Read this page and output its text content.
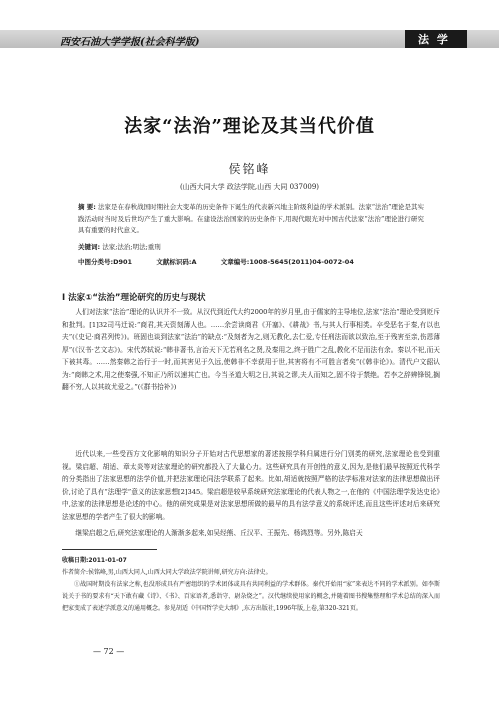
西安石油大学学报(社会科学版)	法 学
法家“法治”理论及其当代价值
侯铭峰
(山西大同大学 政法学院,山西 大同 037009)
摘 要: 法家是在春秋战国时期社会大变革的历史条件下诞生的代表新兴地主阶级利益的学术派别。法家“法治”理论是其实践活动时当时及后世均产生了重大影响。在建设法治国家的历史条件下,用现代眼光对中国古代法家“法治”理论进行研究具有重要的时代意义。
关键词: 法家;法治;明法;重刑
中图分类号:D901	文献标识码:A	文章编号:1008-5645(2011)04-0072-04
I 法家①“法治”理论研究的历史与现状
人们对法家“法治”理论的认识并不一致。从汉代到近代大约2000年的岁月里,由于儒家的主导地位,法家“法治”理论受到贬斥和批判。[1]32司马迁说:“商君,其天资刻薄人也。……余尝读商君《开塞》、《耕战》书,与其人行事相类。卒受恶名于秦,有以也夫”(《史记·商君列传》)。班固也谈到法家“法治”的缺点:“及刻者为之,则无教化,去仁爱,专任刑法而欲以致治,至于残害至亲,伤恩薄厚”(《汉书·艺文志》)。宋代苏轼说:“韩非著书,言治天下无若刑名之贤,及秦用之,终于胜广之乱,教化不足而法有余。秦以不祀,而天下被其毒。……然秦韩之治行于一时,而其害见于久远,使韩非不幸获用于世,其害将有不可胜言者矣”(《韩非论》)。清代户文韶认为:“商韩之术,用之使秦强,不知正乃所以速其亡也。今当圣道大明之日,其说之谬,夫人而知之,固不待于禁绝。若李之辞辨锋锐,搁翻不穷,人以其故尤爱之。”(《群书拾补》)
近代以来,一些受西方文化影响的知识分子开始对古代思想家的著述按照学科归属进行分门别类的研究,法家理论也受到重视。梁启超、胡适、章太炎等对法家理论的研究都投入了大量心力。这些研究具有开创性的意义,因为,是他们最早按照近代科学的分类指出了法家思想的法学价值,并把法家理论同法学联系了起来。比如,胡适就按照严格的法学标准对法家的法律思想做出评价,讨论了具有“法理学”意义的法家思想[2]345。梁启超是较早系统研究法家理论的代表人物之一,在他的《中国法理学发达史论》中,法家的法律思想是论述的中心。他的研究成果是对法家思想所做的最早的具有法学意义的系统评述,而且这些评述对后来研究法家思想的学者产生了很大的影响。
继梁启超之后,研究法家理论的人渐渐多起来,如吴经熊、丘汉平、王振先、杨鸿烈等。另外,陈启天
收稿日期:2011-01-07
作者简介:侯铭峰,男,山西大同人,山西大同大学政法学院讲师,研究方向:法律史。
①战国时期没有法家之称,也没形成具有严密组织的学术团体或具有共同利益的学术群体。秦代开始用“家”来表达不同的学术派别。如李斯说关于书的要求有“天下敢有藏《诗》、《书》、百家语者,悉诣守、尉杂烧之”。汉代继续使用家的概念,并随着图书搜集整理和学术总结的深入而把家变成了表述学派意义的通用概念。参见胡适《中国哲学史大纲》,东方出版社,1996年版,上卷,第320-321页。
— 72 —
